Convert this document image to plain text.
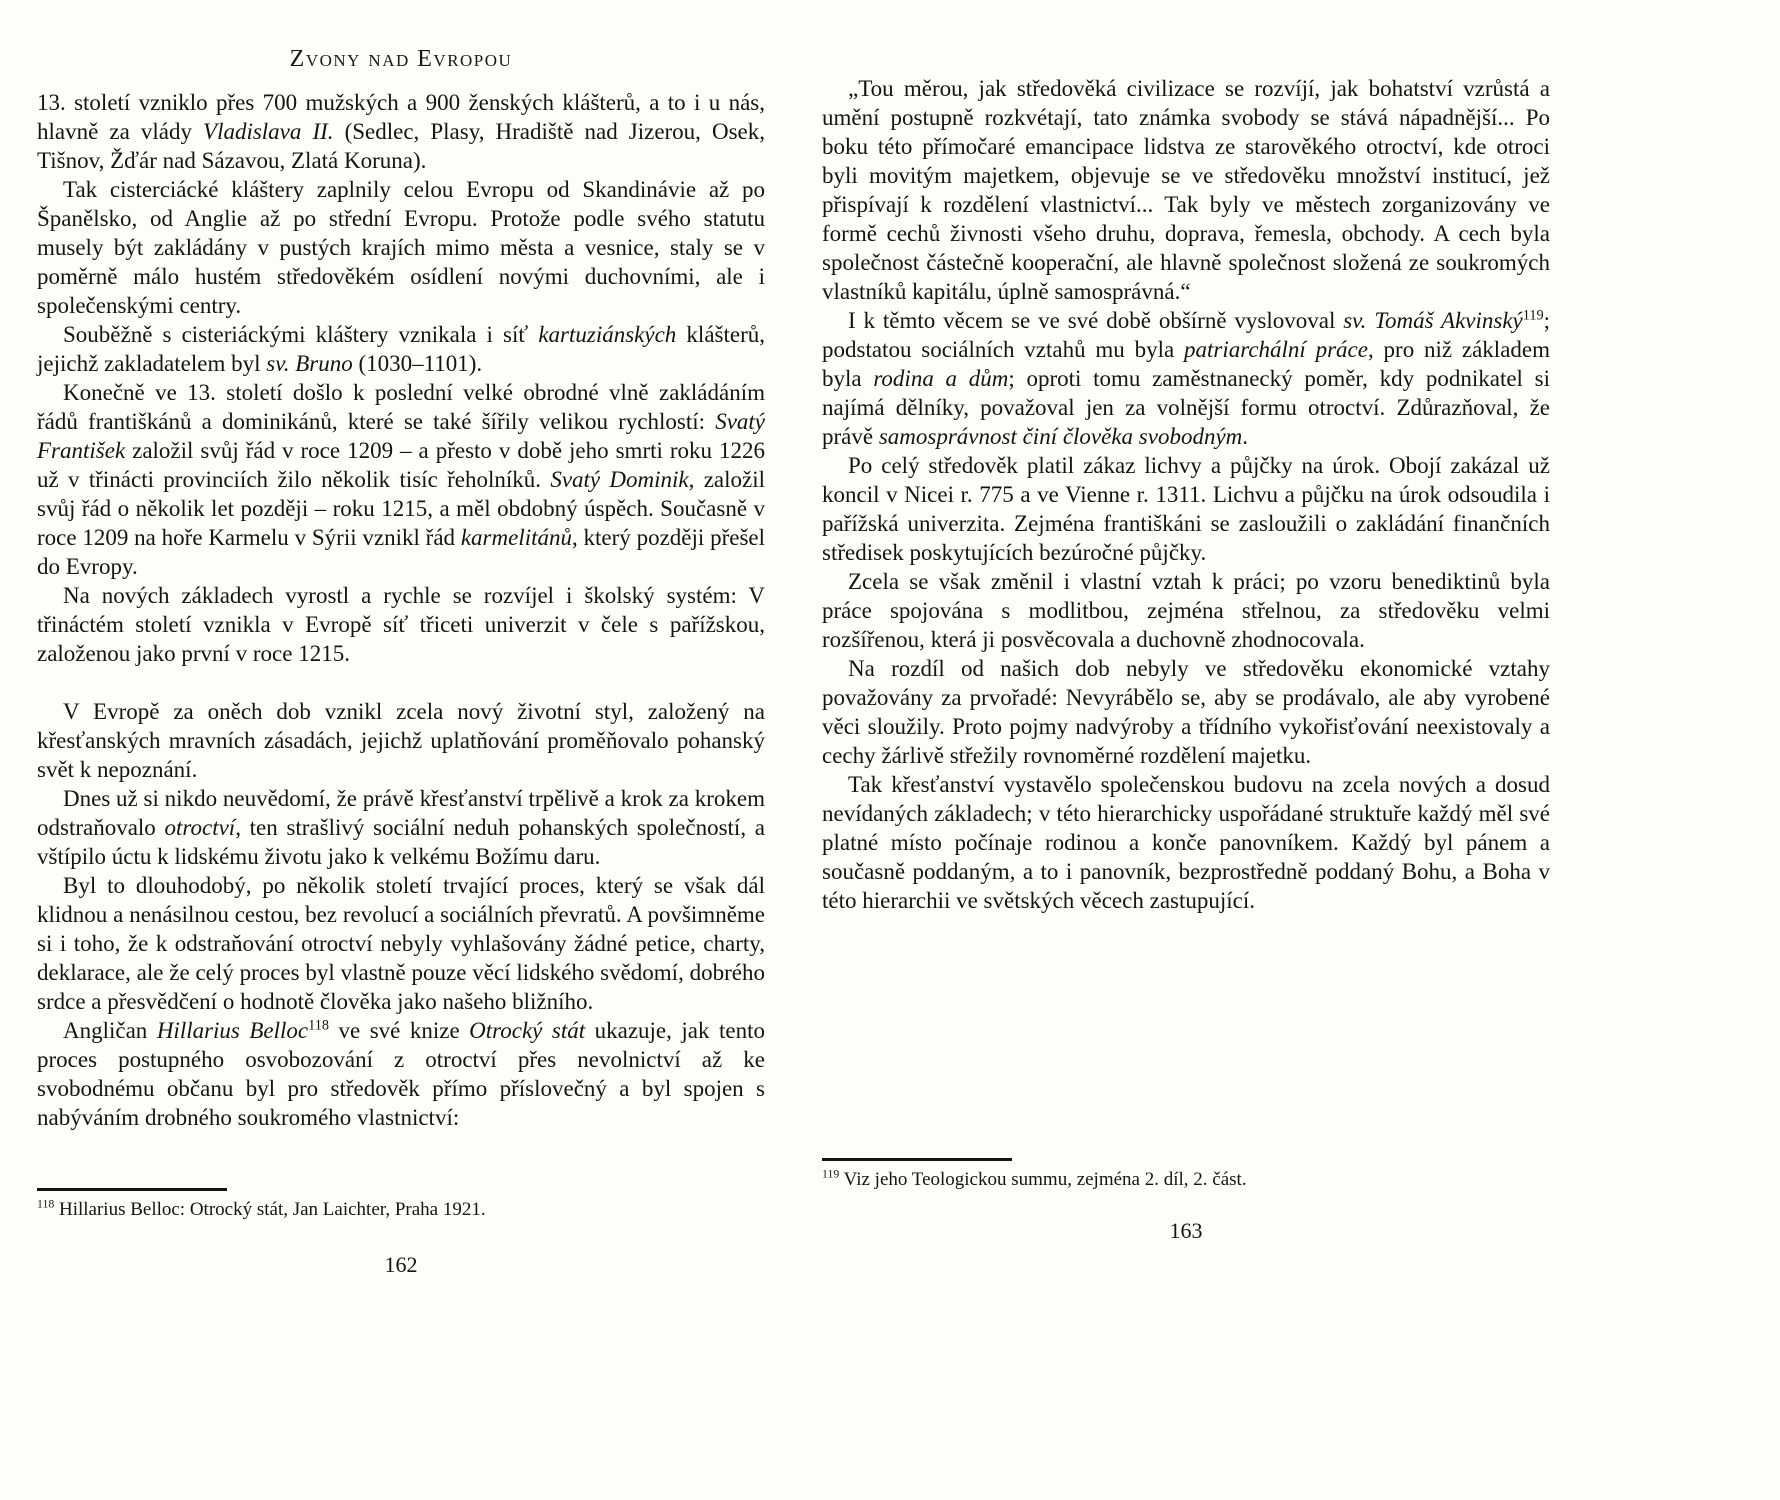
Zvony nad Evropou

13. století vzniklo přes 700 mužských a 900 ženských klášterů, a to i u nás, hlavně za vlády Vladislava II. (Sedlec, Plasy, Hradiště nad Jizerou, Osek, Tišnov, Žďár nad Sázavou, Zlatá Koruna).

Tak cisterciácké kláštery zaplnily celou Evropu od Skandinávie až po Španělsko, od Anglie až po střední Evropu. Protože podle svého statutu musely být zakládány v pustých krajích mimo města a vesnice, staly se v poměrně málo hustém středověkém osídlení novými duchovními, ale i společenskými centry.

Souběžně s cisteriáckými kláštery vznikala i síť kartuziánských klášterů, jejichž zakladatelem byl sv. Bruno (1030–1101).

Konečně ve 13. století došlo k poslední velké obrodné vlně zakládáním řádů františkánů a dominikánů, které se také šířily velikou rychlostí: Svatý František založil svůj řád v roce 1209 – a přesto v době jeho smrti roku 1226 už v třinácti provinciích žilo několik tisíc řeholníků. Svatý Dominik, založil svůj řád o několik let později – roku 1215, a měl obdobný úspěch. Současně v roce 1209 na hoře Karmelu v Sýrii vznikl řád karmelitánů, který později přešel do Evropy.

Na nových základech vyrostl a rychle se rozvíjel i školský systém: V třináctém století vznikla v Evropě síť třiceti univerzit v čele s pařížskou, založenou jako první v roce 1215.

V Evropě za oněch dob vznikl zcela nový životní styl, založený na křesťanských mravních zásadách, jejichž uplatňování proměňovalo pohanský svět k nepoznání.

Dnes už si nikdo neuvědomí, že právě křesťanství trpělivě a krok za krokem odstraňovalo otroctví, ten strašlivý sociální neduh pohanských společností, a vštípilo úctu k lidskému životu jako k velkému Božímu daru.

Byl to dlouhodobý, po několik století trvající proces, který se však dál klidnou a nenásilnou cestou, bez revolucí a sociálních převratů. A povšimněme si i toho, že k odstraňování otroctví nebyly vyhlašovány žádné petice, charty, deklarace, ale že celý proces byl vlastně pouze věcí lidského svědomí, dobrého srdce a přesvědčení o hodnotě člověka jako našeho bližního.

Angličan Hillarius Belloc$^{118}$ ve své knize Otrocký stát ukazuje, jak tento proces postupného osvobozování z otroctví přes nevolnictví až ke svobodnému občanu byl pro středověk přímo příslovečný a byl spojen s nabýváním drobného soukromého vlastnictví:

$^{118}$ Hillarius Belloc: Otrocký stát, Jan Laichter, Praha 1921.
162

„Tou měrou, jak středověká civilizace se rozvíjí, jak bohatství vzrůstá a umění postupně rozkvétají, tato známka svobody se stává nápadnější... Po boku této přímočaré emancipace lidstva ze starověkého otroctví, kde otroci byli movitým majetkem, objevuje se ve středověku množství institucí, jež přispívají k rozdělení vlastnictví... Tak byly ve městech zorganizovány ve formě cechů živnosti všeho druhu, doprava, řemesla, obchody. A cech byla společnost částečně kooperační, ale hlavně společnost složená ze soukromých vlastníků kapitálu, úplně samosprávná.“

I k těmto věcem se ve své době obšírně vyslovoval sv. Tomáš Akvinský$^{119}$; podstatou sociálních vztahů mu byla patriarchální práce, pro niž základem byla rodina a dům; oproti tomu zaměstnanecký poměr, kdy podnikatel si najímá dělníky, považoval jen za volnější formu otroctví. Zdůrazňoval, že právě samosprávnost činí člověka svobodným.

Po celý středověk platil zákaz lichvy a půjčky na úrok. Obojí zakázal už koncil v Nicei r. 775 a ve Vienne r. 1311. Lichvu a půjčku na úrok odsoudila i pařížská univerzita. Zejména františkáni se zasloužili o zakládání finančních středisek poskytujících bezúročné půjčky.

Zcela se však změnil i vlastní vztah k práci; po vzoru benediktinů byla práce spojována s modlitbou, zejména střelnou, za středověku velmi rozšířenou, která ji posvěcovala a duchovně zhodnocovala.

Na rozdíl od našich dob nebyly ve středověku ekonomické vztahy považovány za prvořadé: Nevyrábělo se, aby se prodávalo, ale aby vyrobené věci sloužily. Proto pojmy nadvýroby a třídního vykořisťování neexistovaly a cechy žárlivě střežily rovnoměrné rozdělení majetku.

Tak křesťanství vystavělo společenskou budovu na zcela nových a dosud nevídaných základech; v této hierarchicky uspořádané struktuře každý měl své platné místo počínaje rodinou a konče panovníkem. Každý byl pánem a současně poddaným, a to i panovník, bezprostředně poddaný Bohu, a Boha v této hierarchii ve světských věcech zastupující.

$^{119}$ Viz jeho Teologickou summu, zejména 2. díl, 2. část.
163
